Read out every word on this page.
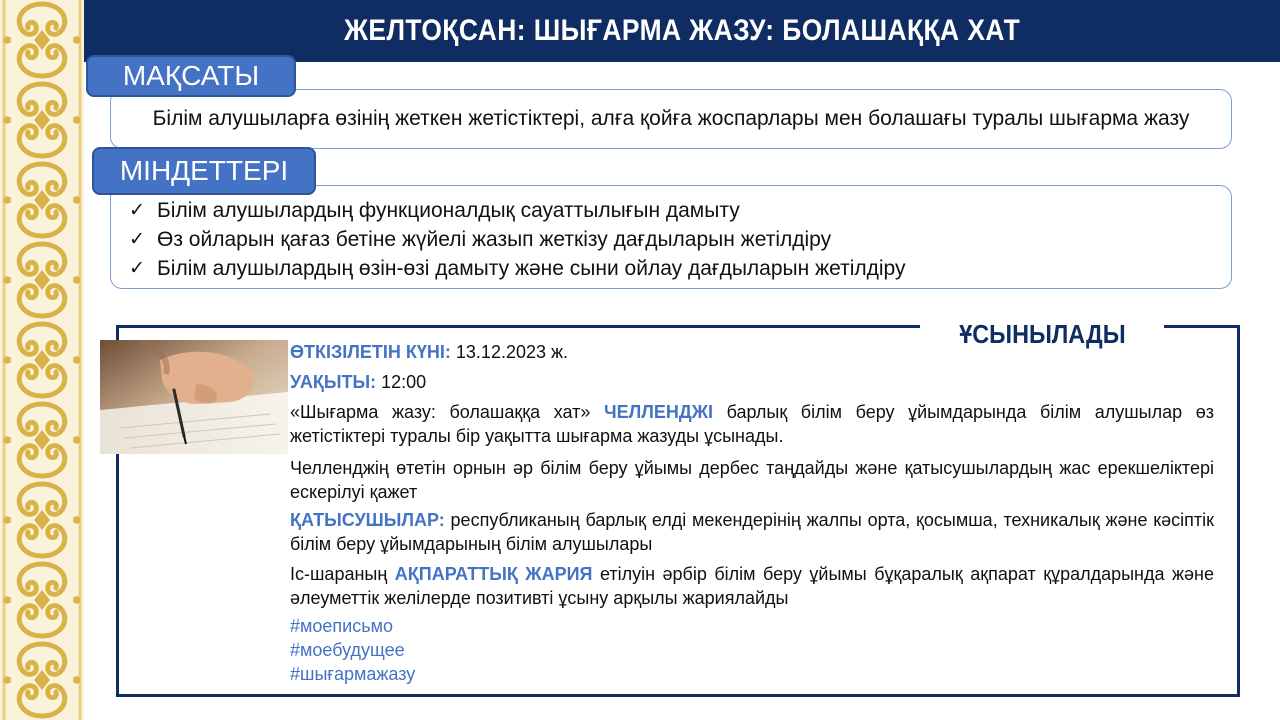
ЖЕЛТОҚСАН: ШЫҒАРМА ЖАЗУ: БОЛАШАҚҚА ХАТ
МАҚСАТЫ
Білім алушыларға өзінің жеткен жетістіктері, алға қойға жоспарлары мен болашағы туралы шығарма жазу
МІНДЕТТЕРІ
✓ Білім алушылардың функционалдық сауаттылығын дамыту
✓ Өз ойларын қағаз бетіне жүйелі жазып жеткізу дағдыларын жетілдіру
✓ Білім алушылардың өзін-өзі дамыту және сыни ойлау дағдыларын жетілдіру
ҰСЫНЫЛАДЫ

ӨТКІЗІЛЕТІН КҮНІ: 13.12.2023 ж.

УАҚЫТЫ: 12:00

«Шығарма жазу: болашаққа хат» ЧЕЛЛЕНДЖІ барлық білім беру ұйымдарында білім алушылар өз жетістіктері туралы бір уақытта шығарма жазуды ұсынады.

Челленджің өтетін орнын әр білім беру ұйымы дербес таңдайды және қатысушылардың жас ерекшеліктері ескерілуі қажет

ҚАТЫСУШЫЛАР: республиканың барлық елді мекендерінің жалпы орта, қосымша, техникалық және кәсіптік білім беру ұйымдарының білім алушылары

Іс-шараның АҚПАРАТТЫҚ ЖАРИЯ етілуін әрбір білім беру ұйымы бұқаралық ақпарат құралдарында және әлеуметтік желілерде позитивті ұсыну арқылы жариялайды

#моеписьмо

#моебудущее

#шығармажазу
